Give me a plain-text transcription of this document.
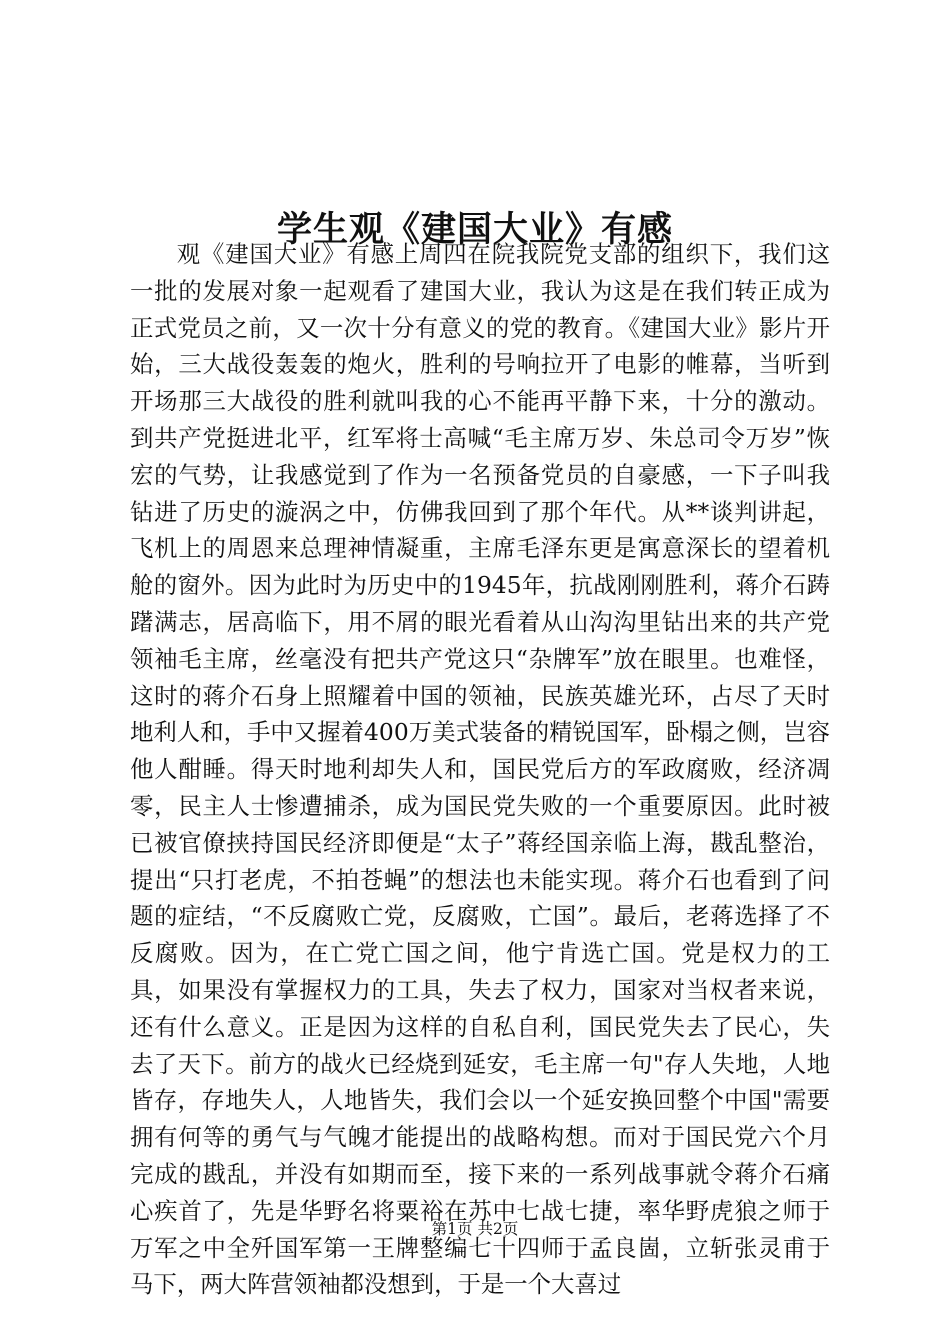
学生观《建国大业》有感

观《建国大业》有感上周四在院我院党支部的组织下，我们这一批的发展对象一起观看了建国大业，我认为这是在我们转正成为正式党员之前，又一次十分有意义的党的教育。《建国大业》影片开始，三大战役轰轰的炮火，胜利的号响拉开了电影的帷幕，当听到开场那三大战役的胜利就叫我的心不能再平静下来，十分的激动。到共产党挺进北平，红军将士高喊“毛主席万岁、朱总司令万岁”恢宏的气势，让我感觉到了作为一名预备党员的自豪感，一下子叫我钻进了历史的漩涡之中，仿佛我回到了那个年代。从**谈判讲起，飞机上的周恩来总理神情凝重，主席毛泽东更是寓意深长的望着机舱的窗外。因为此时为历史中的1945年，抗战刚刚胜利，蒋介石踌躇满志，居高临下，用不屑的眼光看着从山沟沟里钻出来的共产党领袖毛主席，丝毫没有把共产党这只“杂牌军”放在眼里。也难怪，这时的蒋介石身上照耀着中国的领袖，民族英雄光环，占尽了天时地利人和，手中又握着400万美式装备的精锐国军，卧榻之侧，岂容他人酣睡。得天时地利却失人和，国民党后方的军政腐败，经济凋零，民主人士惨遭捕杀，成为国民党失败的一个重要原因。此时被已被官僚挟持国民经济即便是“太子”蒋经国亲临上海，戡乱整治，提出“只打老虎，不拍苍蝇”的想法也未能实现。蒋介石也看到了问题的症结，“不反腐败亡党，反腐败，亡国”。最后，老蒋选择了不反腐败。因为，在亡党亡国之间，他宁肯选亡国。党是权力的工具，如果没有掌握权力的工具，失去了权力，国家对当权者来说，还有什么意义。正是因为这样的自私自利，国民党失去了民心，失去了天下。前方的战火已经烧到延安，毛主席一句"存人失地，人地皆存，存地失人，人地皆失，我们会以一个延安换回整个中国"需要拥有何等的勇气与气魄才能提出的战略构想。而对于国民党六个月完成的戡乱，并没有如期而至，接下来的一系列战事就令蒋介石痛心疾首了，先是华野名将粟裕在苏中七战七捷，率华野虎狼之师于万军之中全歼国军第一王牌整编七十四师于孟良崮，立斩张灵甫于马下，两大阵营领袖都没想到，于是一个大喜过

第1页 共2页
